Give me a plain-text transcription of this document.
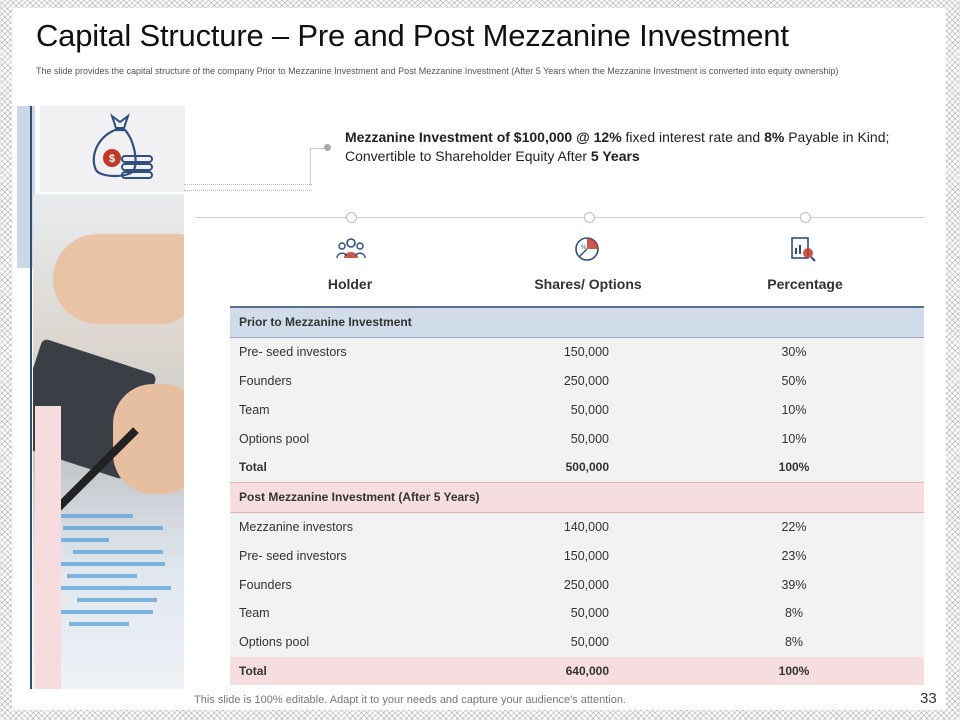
Capital Structure – Pre and Post Mezzanine Investment
The slide provides the capital structure of the company Prior to Mezzanine Investment and Post Mezzanine Investment (After 5 Years when the Mezzanine Investment is converted into equity ownership)
$
Mezzanine Investment of $100,000 @ 12% fixed interest rate and 8% Payable in Kind; Convertible to Shareholder Equity After 5 Years
%
Holder	Shares/ Options	Percentage
Prior to Mezzanine Investment		
Pre- seed investors	150,000	30%
Founders	250,000	50%
Team	50,000	10%
Options pool	50,000	10%
Total	500,000	100%
Post Mezzanine Investment (After 5 Years)		
Mezzanine investors	140,000	22%
Pre- seed investors	150,000	23%
Founders	250,000	39%
Team	50,000	8%
Options pool	50,000	8%
Total	640,000	100%
This slide is 100% editable. Adapt it to your needs and capture your audience's attention.	33
